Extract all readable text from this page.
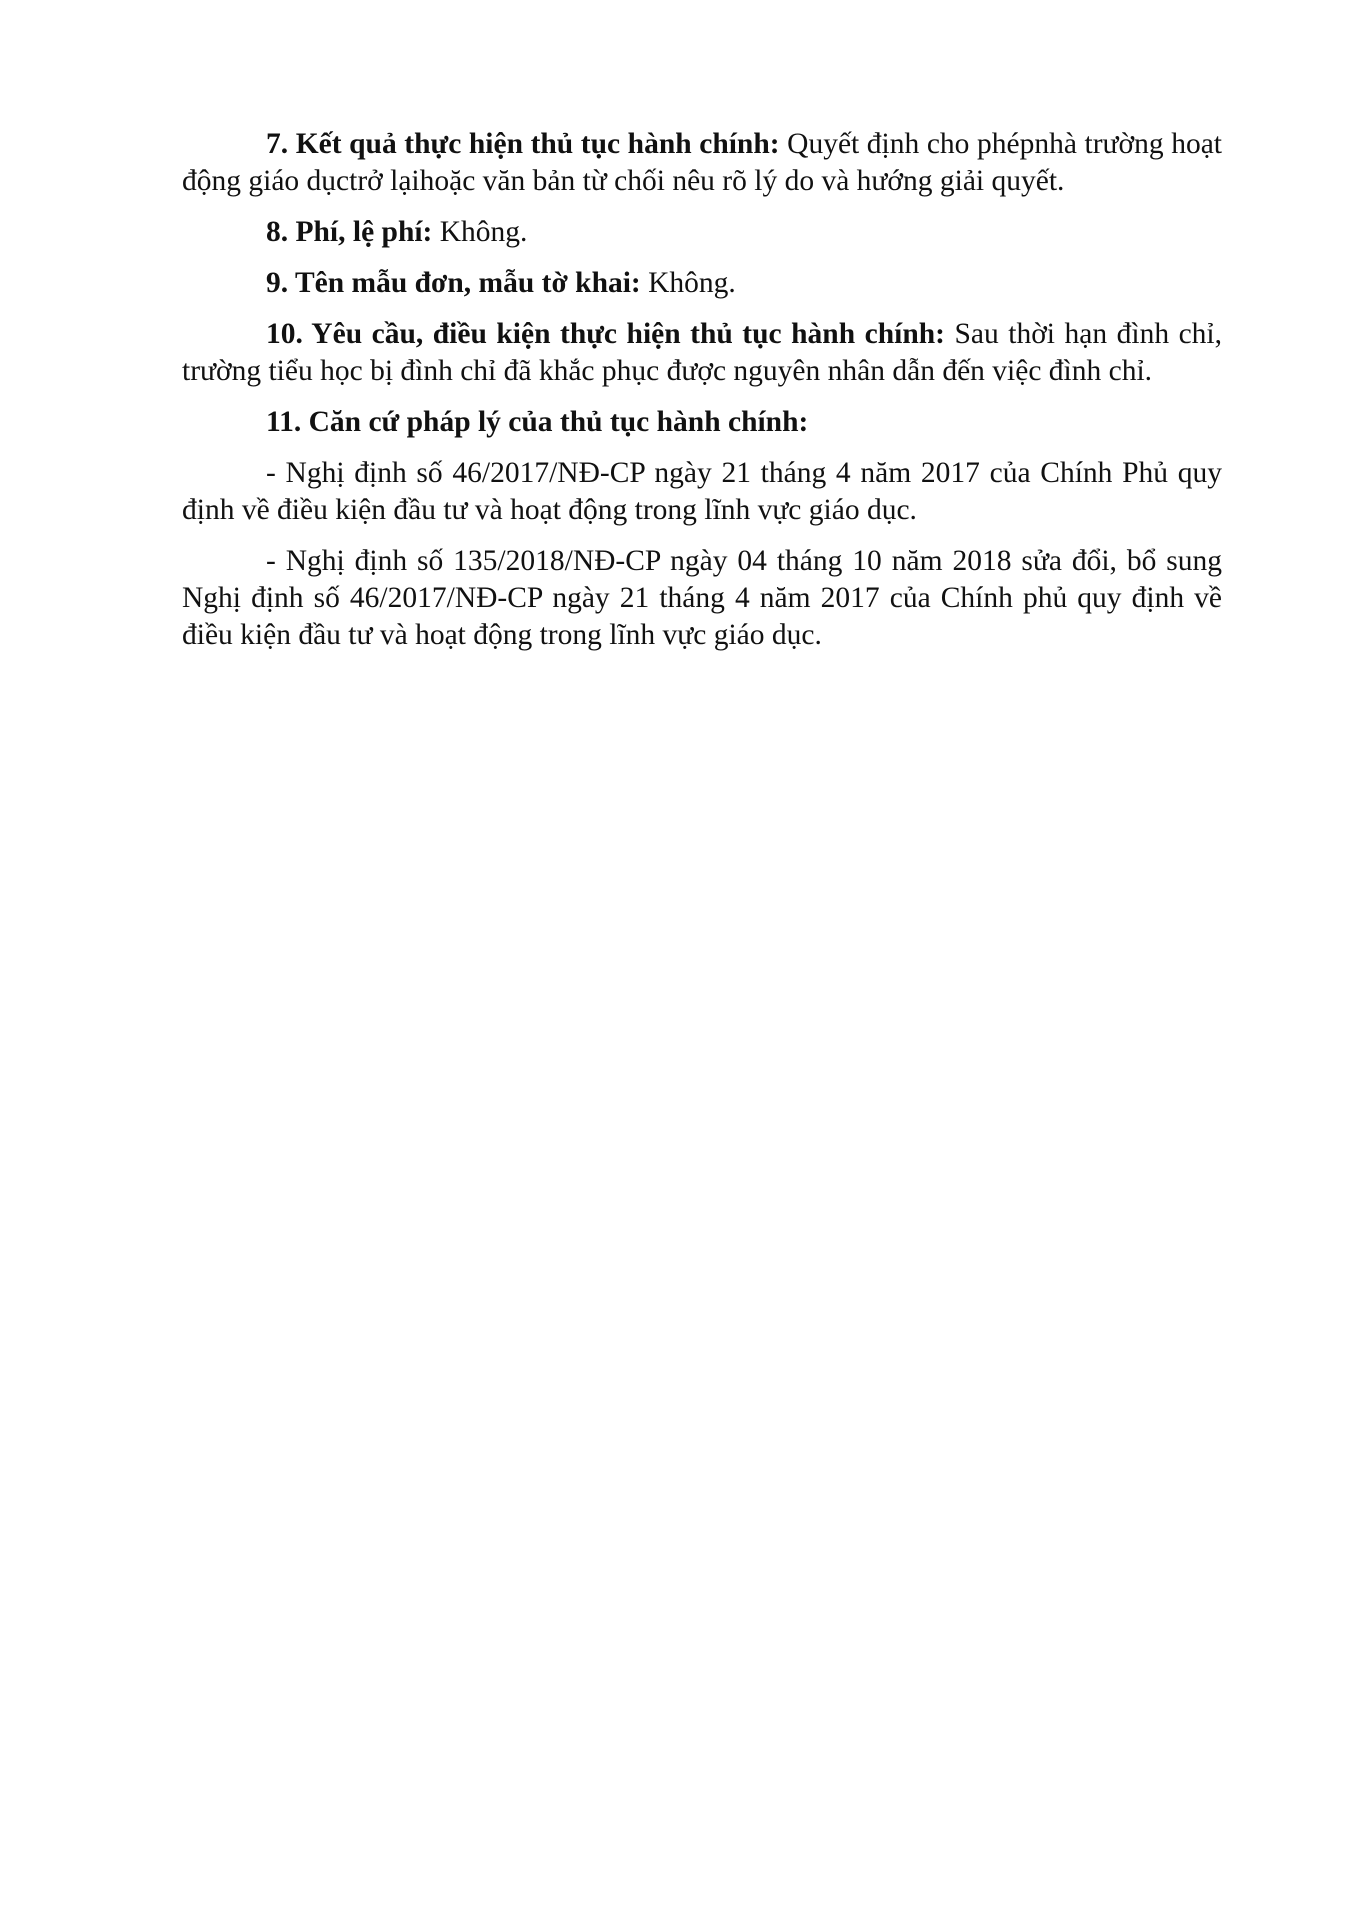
7. Kết quả thực hiện thủ tục hành chính: Quyết định cho phépnhà trường hoạt động giáo dụctrở lạihoặc văn bản từ chối nêu rõ lý do và hướng giải quyết.

8. Phí, lệ phí: Không.

9. Tên mẫu đơn, mẫu tờ khai: Không.

10. Yêu cầu, điều kiện thực hiện thủ tục hành chính: Sau thời hạn đình chỉ, trường tiểu học bị đình chỉ đã khắc phục được nguyên nhân dẫn đến việc đình chỉ.

11. Căn cứ pháp lý của thủ tục hành chính:

- Nghị định số 46/2017/NĐ-CP ngày 21 tháng 4 năm 2017 của Chính Phủ quy định về điều kiện đầu tư và hoạt động trong lĩnh vực giáo dục.

- Nghị định số 135/2018/NĐ-CP ngày 04 tháng 10 năm 2018 sửa đổi, bổ sung Nghị định số 46/2017/NĐ-CP ngày 21 tháng 4 năm 2017 của Chính phủ quy định về điều kiện đầu tư và hoạt động trong lĩnh vực giáo dục.
